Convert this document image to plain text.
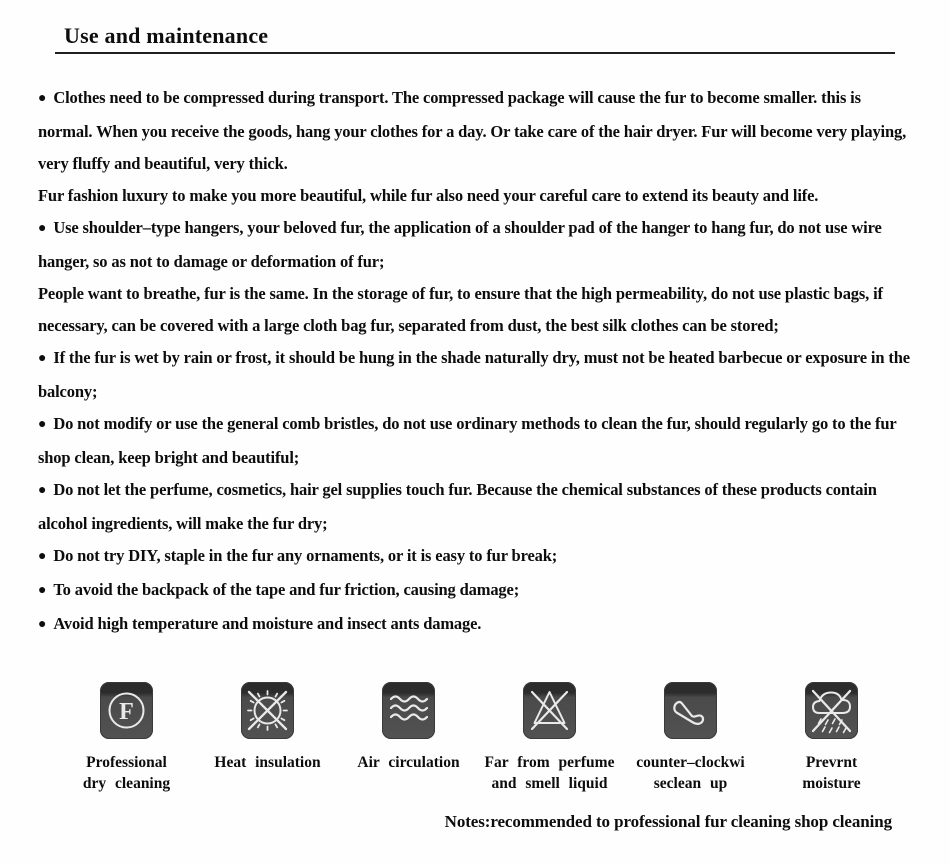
Use and maintenance

● Clothes need to be compressed during transport. The compressed package will cause the fur to become smaller. this is normal. When you receive the goods, hang your clothes for a day. Or take care of the hair dryer. Fur will become very playing, very fluffy and beautiful, very thick.

Fur fashion luxury to make you more beautiful, while fur also need your careful care to extend its beauty and life.

● Use shoulder–type hangers, your beloved fur, the application of a shoulder pad of the hanger to hang fur, do not use wire hanger, so as not to damage or deformation of fur;

People want to breathe, fur is the same. In the storage of fur, to ensure that the high permeability, do not use plastic bags, if necessary, can be covered with a large cloth bag fur, separated from dust, the best silk clothes can be stored;

● If the fur is wet by rain or frost, it should be hung in the shade naturally dry, must not be heated barbecue or exposure in the balcony;

● Do not modify or use the general comb bristles, do not use ordinary methods to clean the fur, should regularly go to the fur shop clean, keep bright and beautiful;

● Do not let the perfume, cosmetics, hair gel supplies touch fur. Because the chemical substances of these products contain alcohol ingredients, will make the fur dry;

● Do not try DIY, staple in the fur any ornaments, or it is easy to fur break;

● To avoid the backpack of the tape and fur friction, causing damage;

● Avoid high temperature and moisture and insect ants damage.

F
Professional
dry cleaning
Heat insulation Air circulation Far from perfume
and smell liquid
counter–clockwi
seclean up
Prevrnt
moisture
Notes:recommended to professional fur cleaning shop cleaning
